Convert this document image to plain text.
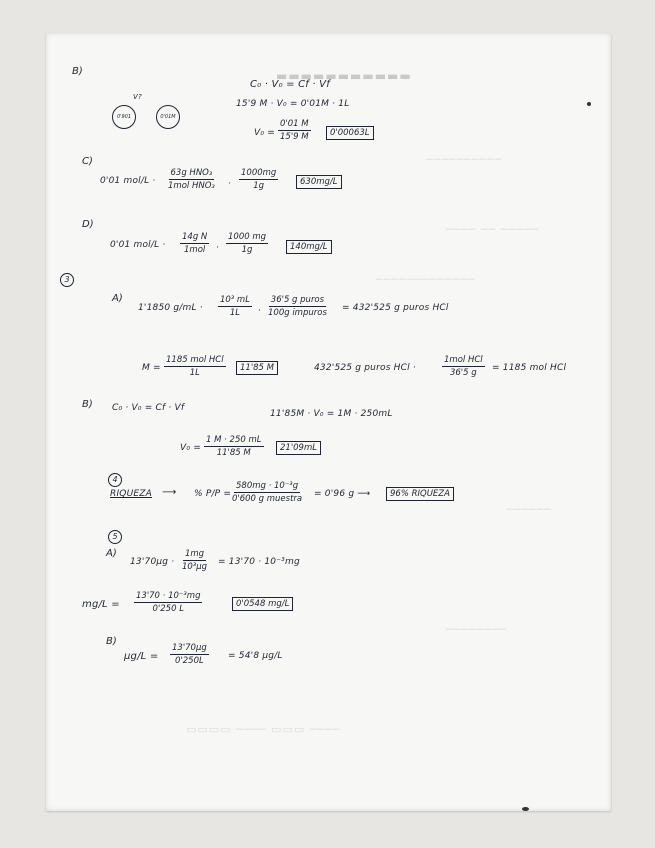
▬▬▬▬▬▬▬▬▬▬▬
──────────
──── ── ─────
─────────────
──────
────────
▭▭▭▭ ──── ▭▭▭ ────
B)
C₀ · V₀ = Cf · Vf
15'9 M · V₀ = 0'01M · 1L
V?
0'901	0'01M
$V_0 = \frac{0'01 M}{15'9 M}$	0'00063L
C)
0'01 mol/L ·
63g HNO₃
1mol $HNO_3 \cdot \frac{1000mg}{1g}$	630mg/L
D)
0'01 mol/L ·
14g N
$1mol \cdot \frac{1000 mg}{1g}$	140mg/L
3
A)
1'1850 $g/mL \cdot \frac{\text{10³ mL}}{1L}$ ·
36'5 g puros
100g impuros = 432'525 g puros HCl
M =
1185 mol HCl
1L	11'85 M	432'525 g puros HCl ·
1mol HCl
36'5 g = 1185 mol HCl
B) C₀ · V₀ = Cf · Vf
11'85M · V₀ = 1M · 250mL
$V_0 = \frac{1 M \cdot 250 mL}{11'85 M}$	21'09mL
4
RIQUEZA ⟶ % P/P =
580mg · 10⁻³g
0'600 g muestra = 0'96 g ⟶	96% RIQUEZA
5
A)
13'70µg ·
1mg
10³µg = 13'70 · 10⁻³mg
$mg/L = \frac{\text{13'70 · 10⁻³mg}}{0'250 L}$	0'0548 mg/L
B)
µg/L =
13'70µg
0'250L	= 54'8 µg/L
